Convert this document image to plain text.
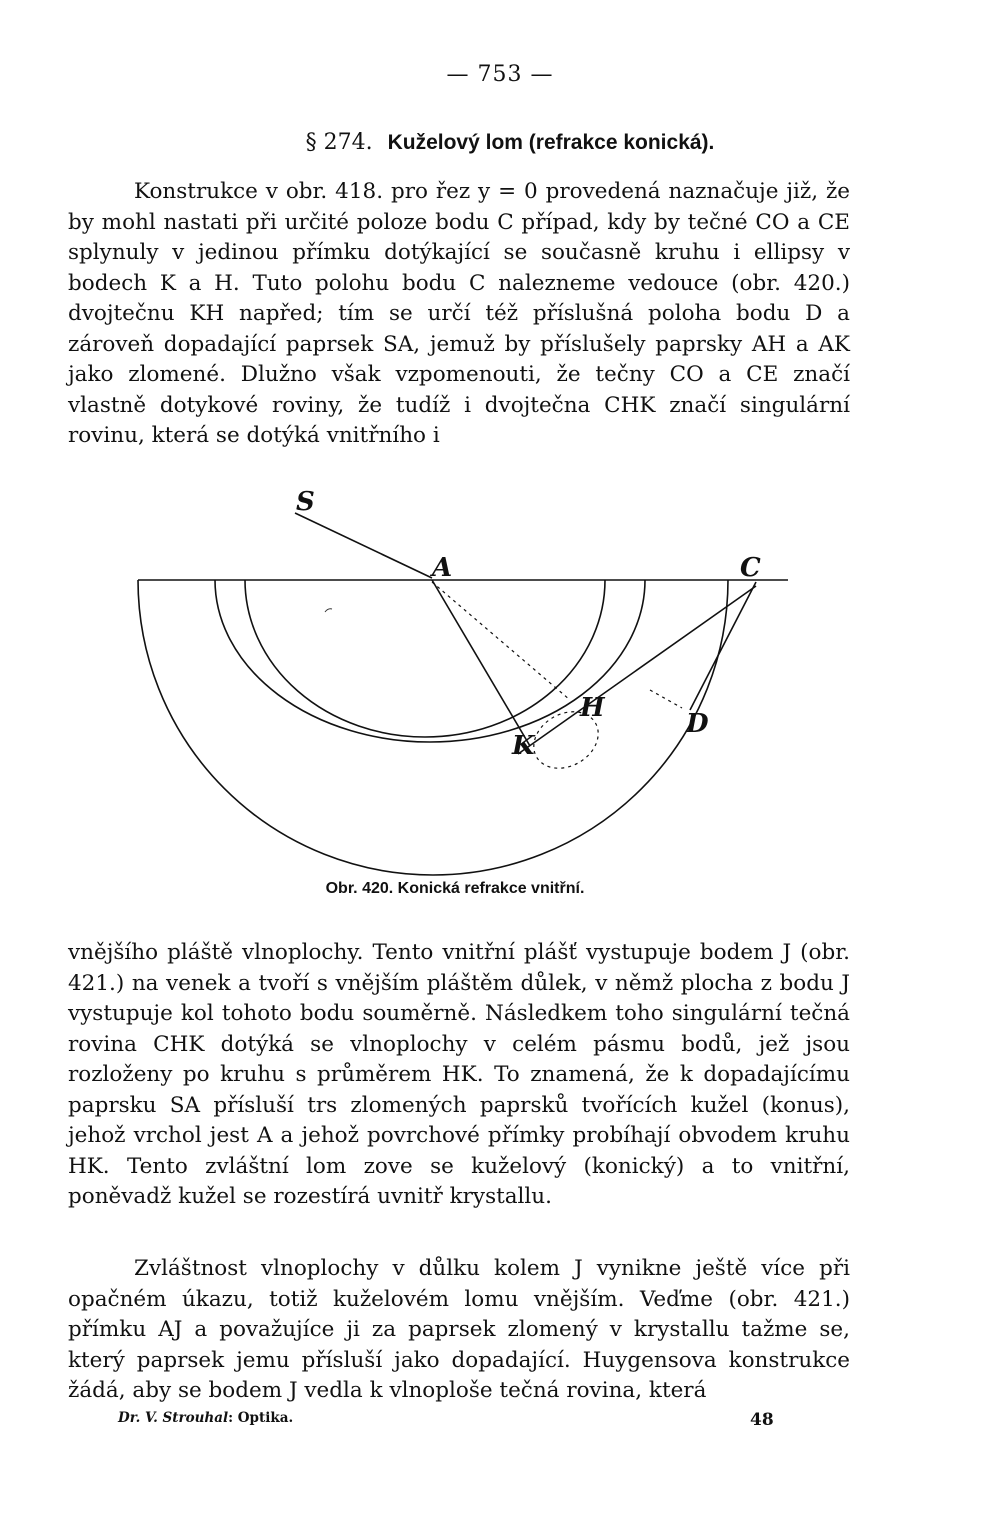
— 753 —
§ 274. Kuželový lom (refrakce konická).

Konstrukce v obr. 418. pro řez y = 0 provedená naznačuje již, že by mohl nastati při určité poloze bodu C případ, kdy by tečné CO a CE splynuly v jedinou přímku dotýkající se současně kruhu i ellipsy v bodech K a H. Tuto polohu bodu C nalezneme vedouce (obr. 420.) dvojtečnu KH napřed; tím se určí též příslušná poloha bodu D a zároveň dopadající paprsek SA, jemuž by příslušely paprsky AH a AK jako zlomené. Dlužno však vzpomenouti, že tečny CO a CE značí vlastně dotykové roviny, že tudíž i dvojtečna CHK značí singulární rovinu, která se dotýká vnitřního i

S
A	C
H
K
D
Obr. 420. Konická refrakce vnitřní.

vnějšího pláště vlnoplochy. Tento vnitřní plášť vystupuje bodem J (obr. 421.) na venek a tvoří s vnějším pláštěm důlek, v němž plocha z bodu J vystupuje kol tohoto bodu souměrně. Následkem toho singulární tečná rovina CHK dotýká se vlnoplochy v celém pásmu bodů, jež jsou rozloženy po kruhu s průměrem HK. To znamená, že k dopadajícímu paprsku SA přísluší trs zlomených paprsků tvořících kužel (konus), jehož vrchol jest A a jehož povrchové přímky probíhají obvodem kruhu HK. Tento zvláštní lom zove se kuželový (konický) a to vnitřní, poněvadž kužel se rozestírá uvnitř krystallu.

Zvláštnost vlnoplochy v důlku kolem J vynikne ještě více při opačném úkazu, totiž kuželovém lomu vnějším. Veďme (obr. 421.) přímku AJ a považujíce ji za paprsek zlomený v krystallu tažme se, který paprsek jemu přísluší jako dopadající. Huygensova konstrukce žádá, aby se bodem J vedla k vlnoploše tečná rovina, která

Dr. V. Strouhal: Optika.	48
